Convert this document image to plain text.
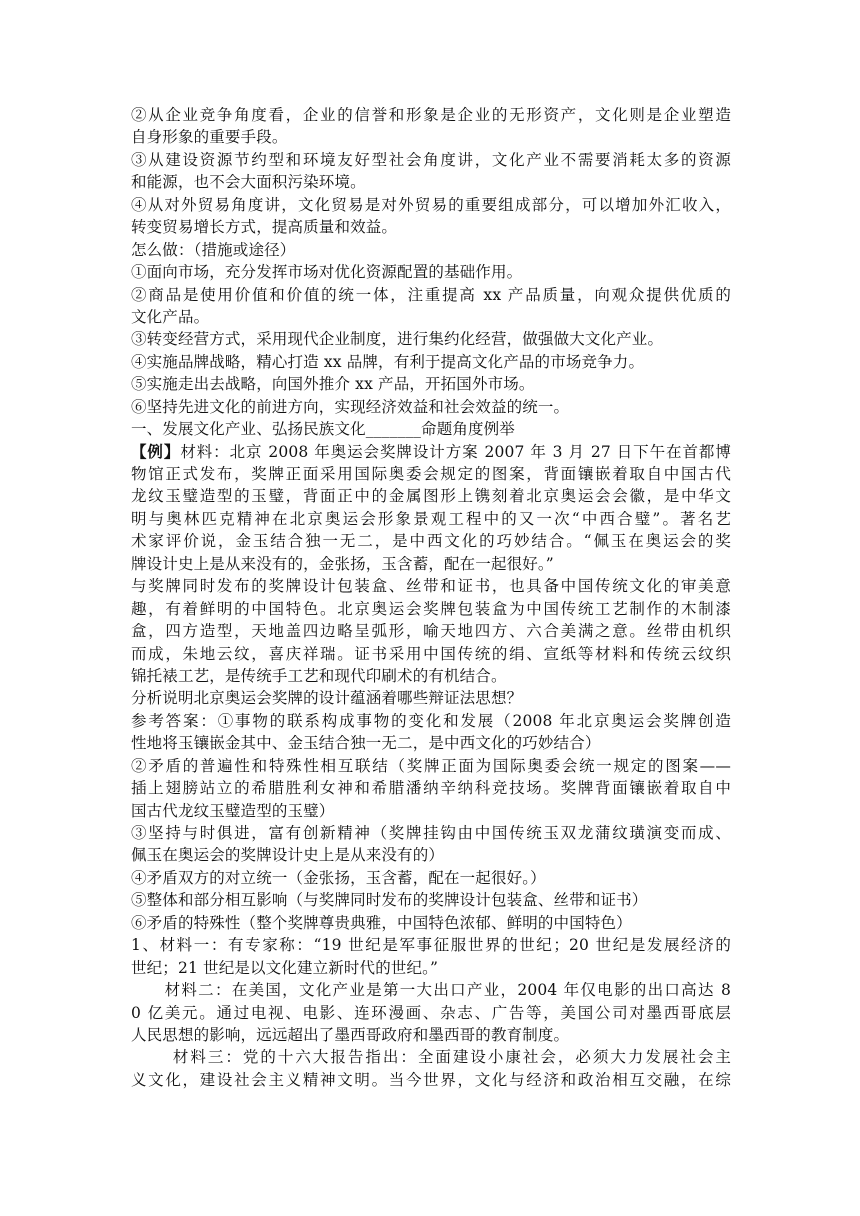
②从企业竞争角度看，企业的信誉和形象是企业的无形资产，文化则是企业塑造
自身形象的重要手段。
③从建设资源节约型和环境友好型社会角度讲，文化产业不需要消耗太多的资源
和能源，也不会大面积污染环境。
④从对外贸易角度讲，文化贸易是对外贸易的重要组成部分，可以增加外汇收入，
转变贸易增长方式，提高质量和效益。
怎么做：（措施或途径）
①面向市场，充分发挥市场对优化资源配置的基础作用。
②商品是使用价值和价值的统一体，注重提高 xx 产品质量，向观众提供优质的
文化产品。
③转变经营方式，采用现代企业制度，进行集约化经营，做强做大文化产业。
④实施品牌战略，精心打造 xx 品牌，有利于提高文化产品的市场竞争力。
⑤实施走出去战略，向国外推介 xx 产品，开拓国外市场。
⑥坚持先进文化的前进方向，实现经济效益和社会效益的统一。
一、发展文化产业、弘扬民族文化_______命题角度例举
【例】材料：北京 2008 年奥运会奖牌设计方案 2007 年 3 月 27 日下午在首都博
物馆正式发布，奖牌正面采用国际奥委会规定的图案，背面镶嵌着取自中国古代
龙纹玉璧造型的玉璧，背面正中的金属图形上镌刻着北京奥运会会徽，是中华文
明与奥林匹克精神在北京奥运会形象景观工程中的又一次“中西合璧”。著名艺
术家评价说，金玉结合独一无二，是中西文化的巧妙结合。“佩玉在奥运会的奖
牌设计史上是从来没有的，金张扬，玉含蓄，配在一起很好。”
与奖牌同时发布的奖牌设计包装盒、丝带和证书，也具备中国传统文化的审美意
趣，有着鲜明的中国特色。北京奥运会奖牌包装盒为中国传统工艺制作的木制漆
盒，四方造型，天地盖四边略呈弧形，喻天地四方、六合美满之意。丝带由机织
而成，朱地云纹，喜庆祥瑞。证书采用中国传统的绢、宣纸等材料和传统云纹织
锦托裱工艺，是传统手工艺和现代印刷术的有机结合。
分析说明北京奥运会奖牌的设计蕴涵着哪些辩证法思想？
参考答案：①事物的联系构成事物的变化和发展（2008 年北京奥运会奖牌创造
性地将玉镶嵌金其中、金玉结合独一无二，是中西文化的巧妙结合）
②矛盾的普遍性和特殊性相互联结（奖牌正面为国际奥委会统一规定的图案——
插上翅膀站立的希腊胜利女神和希腊潘纳辛纳科竞技场。奖牌背面镶嵌着取自中
国古代龙纹玉璧造型的玉璧）
③坚持与时俱进，富有创新精神（奖牌挂钩由中国传统玉双龙蒲纹璜演变而成、
佩玉在奥运会的奖牌设计史上是从来没有的）
④矛盾双方的对立统一（金张扬，玉含蓄，配在一起很好。）
⑤整体和部分相互影响（与奖牌同时发布的奖牌设计包装盒、丝带和证书）
⑥矛盾的特殊性（整个奖牌尊贵典雅，中国特色浓郁、鲜明的中国特色）
1、材料一：有专家称：“19 世纪是军事征服世界的世纪；20 世纪是发展经济的
世纪；21 世纪是以文化建立新时代的世纪。”
　　材料二：在美国，文化产业是第一大出口产业，2004 年仅电影的出口高达 8
0 亿美元。通过电视、电影、连环漫画、杂志、广告等，美国公司对墨西哥底层
人民思想的影响，远远超出了墨西哥政府和墨西哥的教育制度。
　　 材料三：党的十六大报告指出：全面建设小康社会，必须大力发展社会主
义文化，建设社会主义精神文明。当今世界，文化与经济和政治相互交融，在综
